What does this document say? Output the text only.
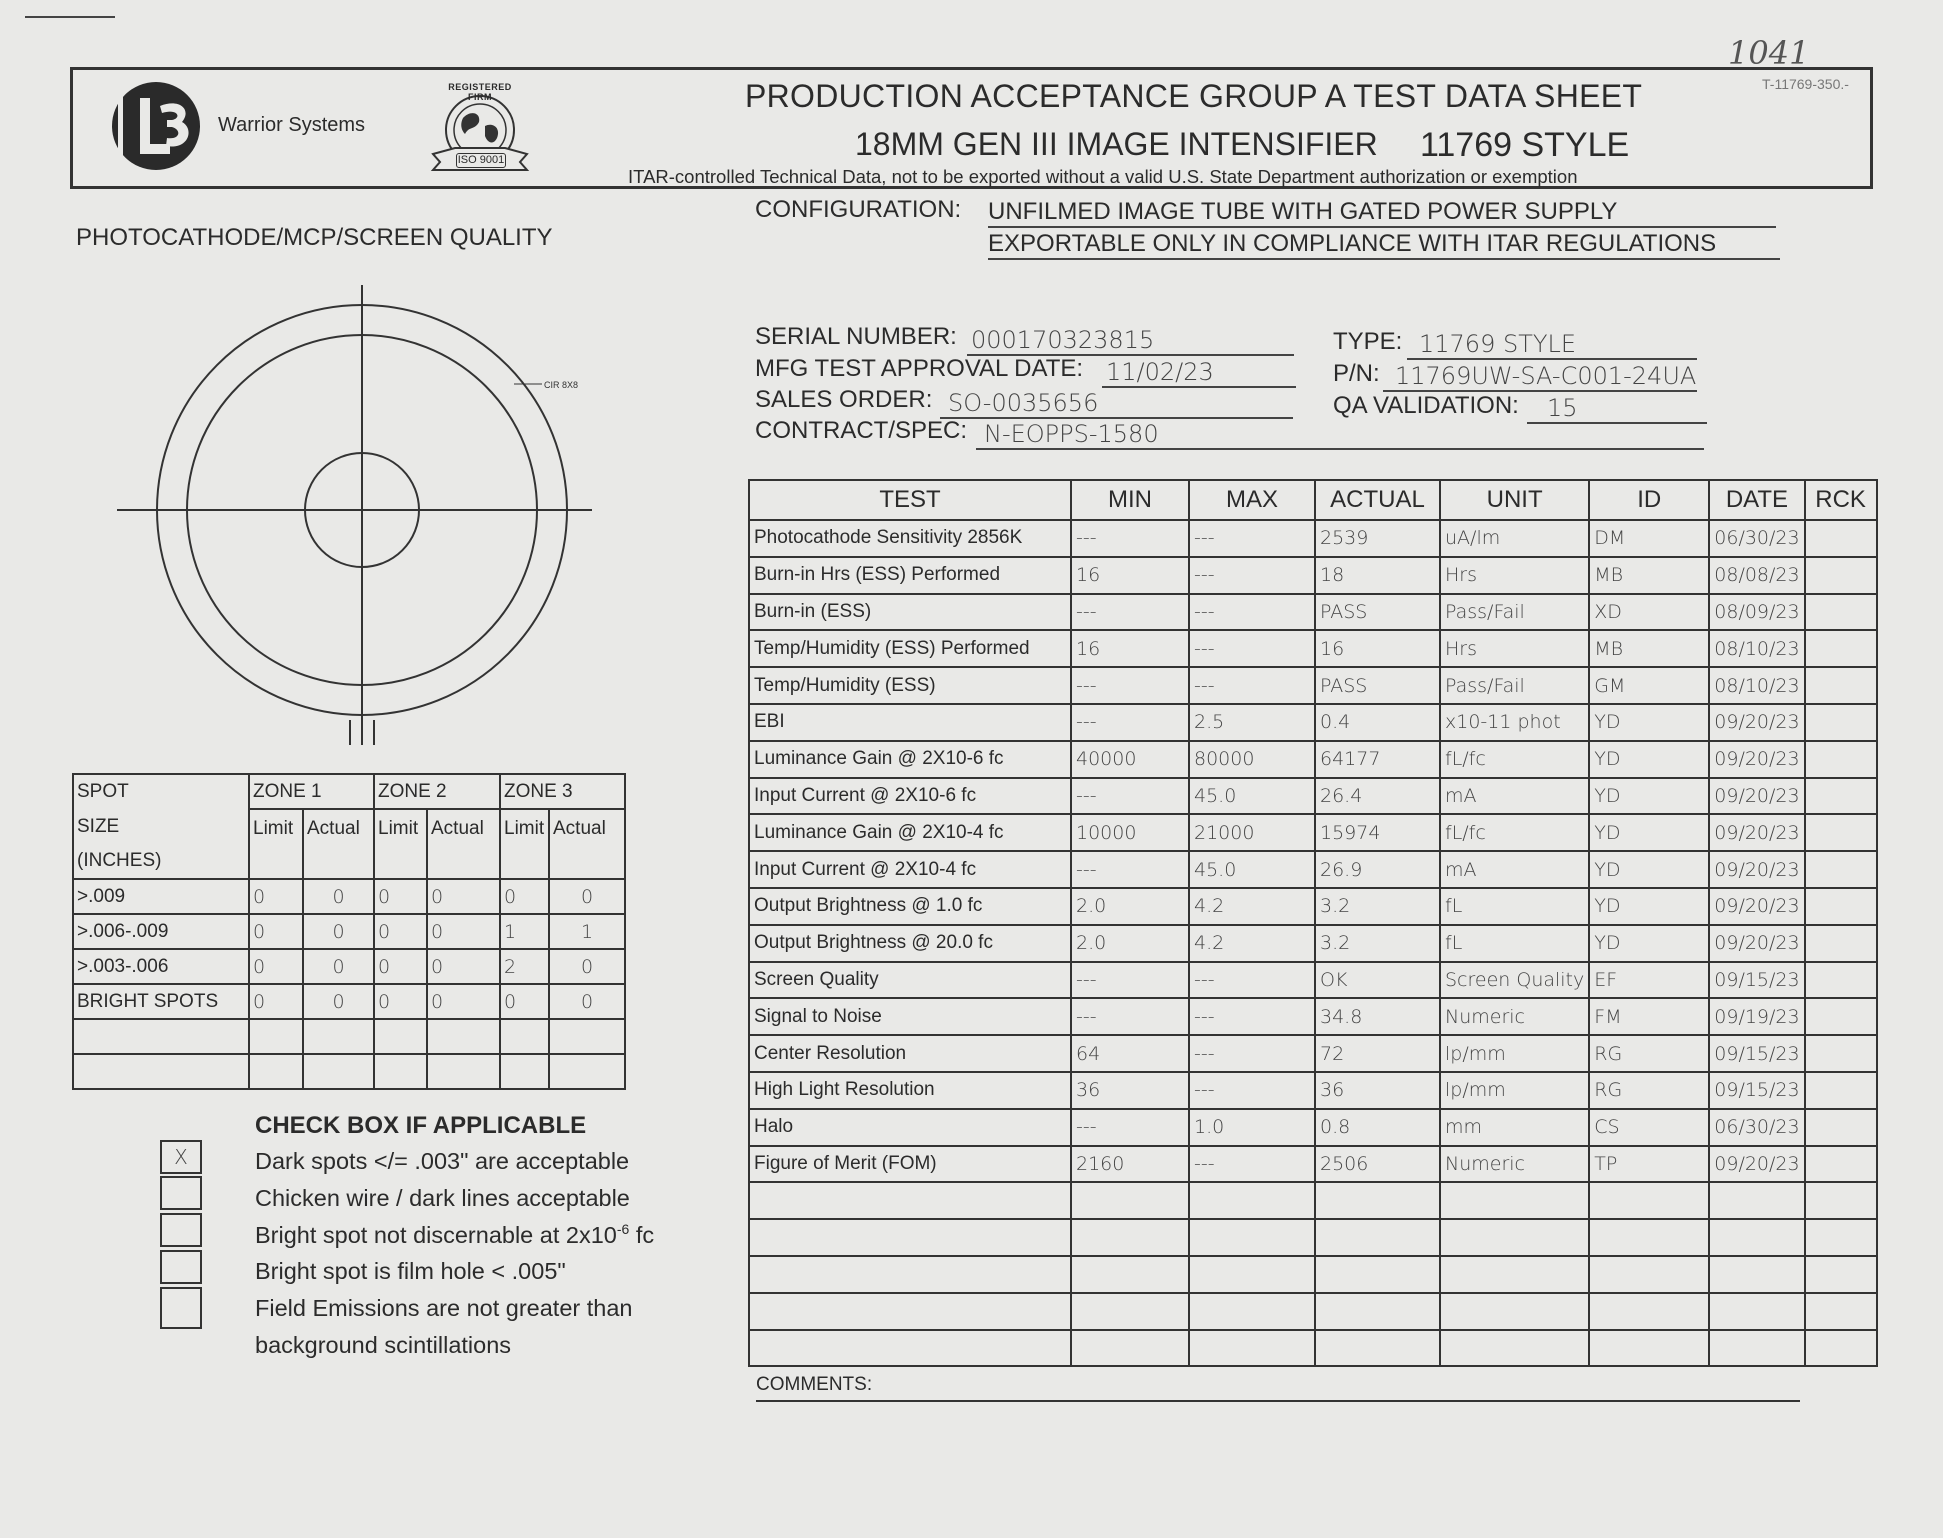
1041
Warrior Systems
ISO 9001
REGISTERED FIRM	PRODUCTION ACCEPTANCE GROUP A TEST DATA SHEET
18MM GEN III IMAGE INTENSIFIER 11769 STYLE
ITAR-controlled Technical Data, not to be exported without a valid U.S. State Department authorization or exemption
T-11769-350.-
PHOTOCATHODE/MCP/SCREEN QUALITY
CONFIGURATION: UNFILMED IMAGE TUBE WITH GATED POWER SUPPLY
EXPORTABLE ONLY IN COMPLIANCE WITH ITAR REGULATIONS
CIR 8X8
SERIAL NUMBER: 000170323815
MFG TEST APPROVAL DATE: 11/02/23
SALES ORDER: SO-0035656
CONTRACT/SPEC: N-EOPPS-1580
TYPE: 11769 STYLE
P/N: 11769UW-SA-C001-24UA
QA VALIDATION:	15
SPOT	ZONE 1		ZONE 2		ZONE 3	
SIZE	Limit	Actual	Limit	Actual	Limit	Actual
(INCHES)						
>.009	0	0	0	0	0	0
>.006-.009	0	0	0	0	1	1
>.003-.006	0	0	0	0	2	0
BRIGHT SPOTS	0	0	0	0	0	0

CHECK BOX IF APPLICABLE
X	Dark spots </= .003" are acceptable
Chicken wire / dark lines acceptable
Bright spot not discernable at $2x10^{-6}$ fc
Bright spot is film hole < .005"
Field Emissions are not greater than
background scintillations
TEST	MIN	MAX	ACTUAL	UNIT	ID	DATE	RCK
Photocathode Sensitivity 2856K	---	---	2539	uA/lm	DM	06/30/23	
Burn-in Hrs (ESS) Performed	16	---	18	Hrs	MB	08/08/23	
Burn-in (ESS)	---	---	PASS	Pass/Fail	XD	08/09/23	
Temp/Humidity (ESS) Performed	16	---	16	Hrs	MB	08/10/23	
Temp/Humidity (ESS)	---	---	PASS	Pass/Fail	GM	08/10/23	
EBI	---	2.5	0.4	x10-11 phot	YD	09/20/23	
Luminance Gain @ 2X10-6 fc	40000	80000	64177	fL/fc	YD	09/20/23	
Input Current @ 2X10-6 fc	---	45.0	26.4	mA	YD	09/20/23	
Luminance Gain @ 2X10-4 fc	10000	21000	15974	fL/fc	YD	09/20/23	
Input Current @ 2X10-4 fc	---	45.0	26.9	mA	YD	09/20/23	
Output Brightness @ 1.0 fc	2.0	4.2	3.2	fL	YD	09/20/23	
Output Brightness @ 20.0 fc	2.0	4.2	3.2	fL	YD	09/20/23	
Screen Quality	---	---	OK	Screen Quality	EF	09/15/23	
Signal to Noise	---	---	34.8	Numeric	FM	09/19/23	
Center Resolution	64	---	72	lp/mm	RG	09/15/23	
High Light Resolution	36	---	36	lp/mm	RG	09/15/23	
Halo	---	1.0	0.8	mm	CS	06/30/23	
Figure of Merit (FOM)	2160	---	2506	Numeric	TP	09/20/23	

COMMENTS:
